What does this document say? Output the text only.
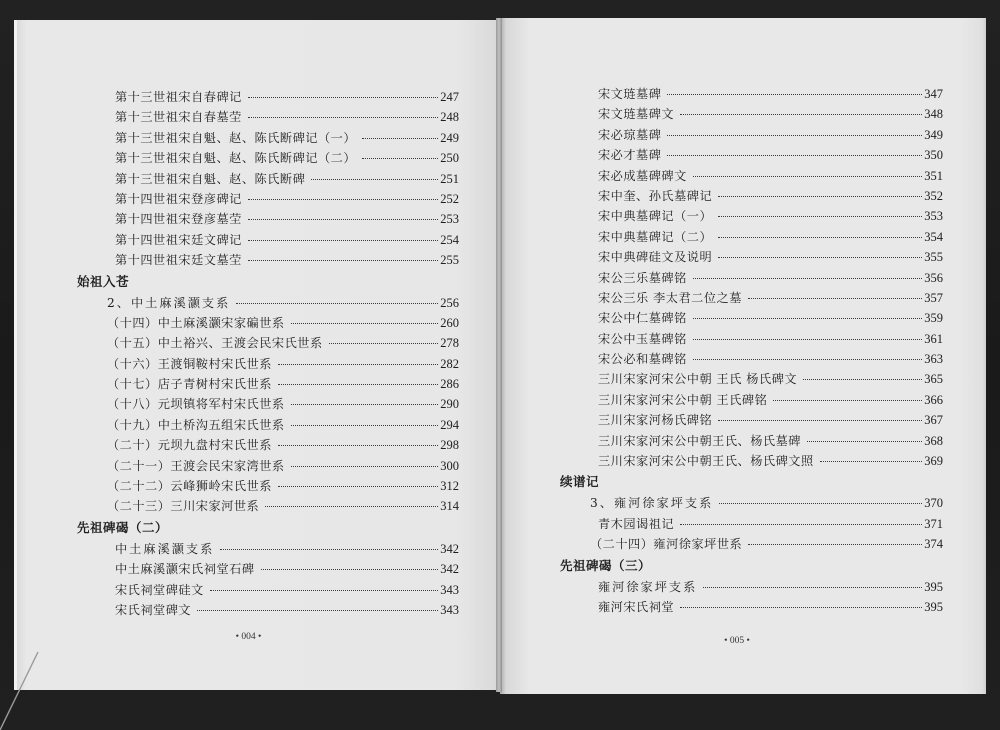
第十三世祖宋自春碑记	247
第十三世祖宋自春墓茔	248
第十三世祖宋自魁、赵、陈氏断碑记（一）	249
第十三世祖宋自魁、赵、陈氏断碑记（二）	250
第十三世祖宋自魁、赵、陈氏断碑	251
第十四世祖宋登彦碑记	252
第十四世祖宋登彦墓茔	253
第十四世祖宋廷文碑记	254
第十四世祖宋廷文墓茔	255
始祖入苍
2、中土麻溪灏支系	256
（十四）中土麻溪灏宋家碥世系	260
（十五）中土裕兴、王渡会民宋氏世系	278
（十六）王渡铜鞍村宋氏世系	282
（十七）店子青树村宋氏世系	286
（十八）元坝镇将军村宋氏世系	290
（十九）中土桥沟五组宋氏世系	294
（二十）元坝九盘村宋氏世系	298
（二十一）王渡会民宋家湾世系	300
（二十二）云峰狮岭宋氏世系	312
（二十三）三川宋家河世系	314
先祖碑碣（二）
中土麻溪灏支系	342
中土麻溪灏宋氏祠堂石碑	342
宋氏祠堂碑硅文	343
宋氏祠堂碑文	343
• 004 •
宋文琏墓碑	347
宋文琏墓碑文	348
宋必琼墓碑	349
宋必才墓碑	350
宋必成墓碑碑文	351
宋中奎、孙氏墓碑记	352
宋中典墓碑记（一）	353
宋中典墓碑记（二）	354
宋中典碑硅文及说明	355
宋公三乐墓碑铭	356
宋公三乐 李太君二位之墓	357
宋公中仁墓碑铭	359
宋公中玉墓碑铭	361
宋公必和墓碑铭	363
三川宋家河宋公中朝 王氏 杨氏碑文	365
三川宋家河宋公中朝 王氏碑铭	366
三川宋家河杨氏碑铭	367
三川宋家河宋公中朝王氏、杨氏墓碑	368
三川宋家河宋公中朝王氏、杨氏碑文照	369
续谱记
3、雍河徐家坪支系	370
青木园谒祖记	371
（二十四）雍河徐家坪世系	374
先祖碑碣（三）
雍河徐家坪支系	395
雍河宋氏祠堂	395
• 005 •
